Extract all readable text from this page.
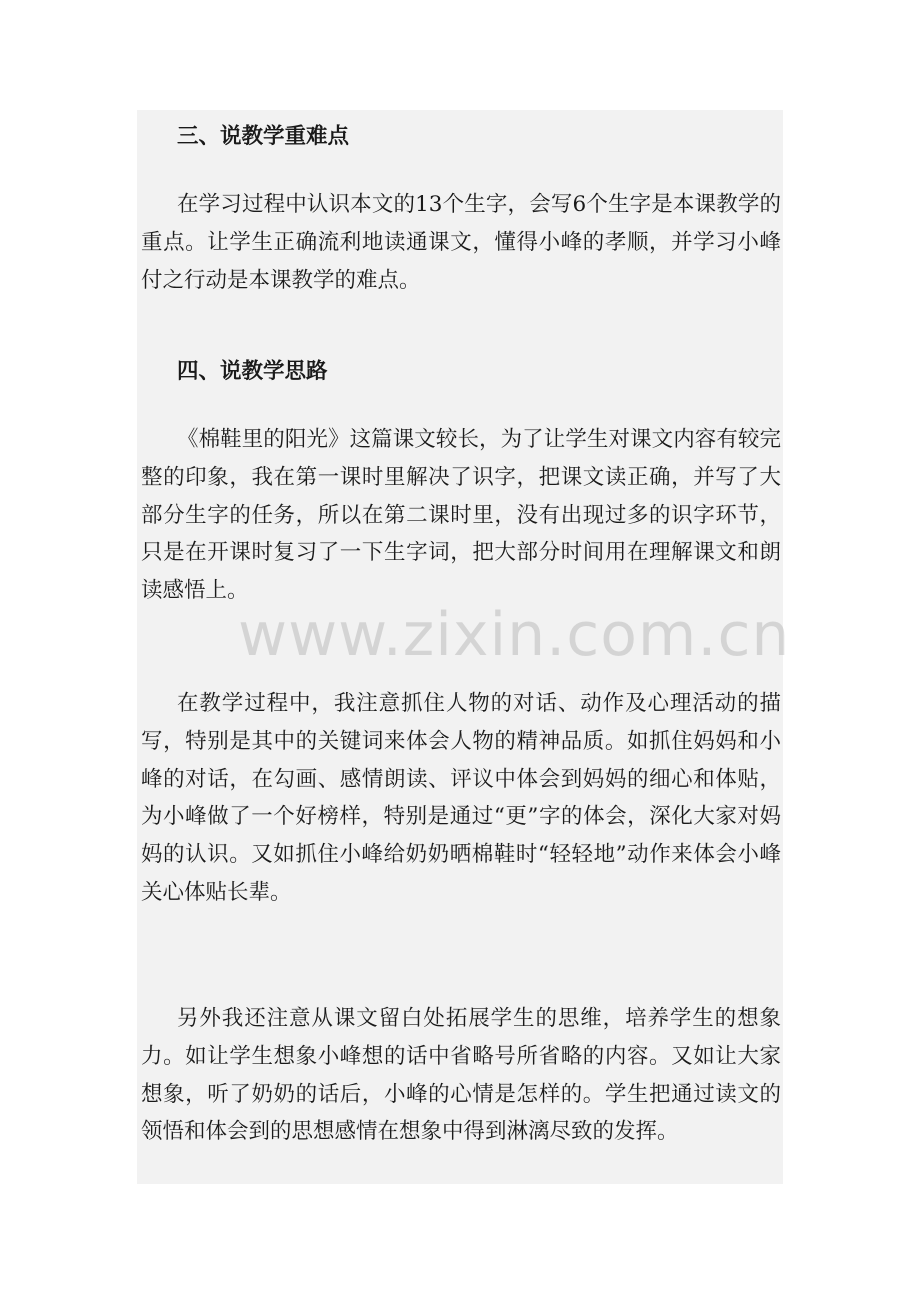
三、说教学重难点

在学习过程中认识本文的13个生字，会写6个生字是本课教学的重点。让学生正确流利地读通课文，懂得小峰的孝顺，并学习小峰付之行动是本课教学的难点。

四、说教学思路

《棉鞋里的阳光》这篇课文较长，为了让学生对课文内容有较完整的印象，我在第一课时里解决了识字，把课文读正确，并写了大部分生字的任务，所以在第二课时里，没有出现过多的识字环节，只是在开课时复习了一下生字词，把大部分时间用在理解课文和朗读感悟上。

在教学过程中，我注意抓住人物的对话、动作及心理活动的描写，特别是其中的关键词来体会人物的精神品质。如抓住妈妈和小峰的对话，在勾画、感情朗读、评议中体会到妈妈的细心和体贴，为小峰做了一个好榜样，特别是通过“更”字的体会，深化大家对妈妈的认识。又如抓住小峰给奶奶晒棉鞋时“轻轻地”动作来体会小峰关心体贴长辈。

另外我还注意从课文留白处拓展学生的思维，培养学生的想象力。如让学生想象小峰想的话中省略号所省略的内容。又如让大家想象，听了奶奶的话后，小峰的心情是怎样的。学生把通过读文的领悟和体会到的思想感情在想象中得到淋漓尽致的发挥。

www.zixin.com.cn
